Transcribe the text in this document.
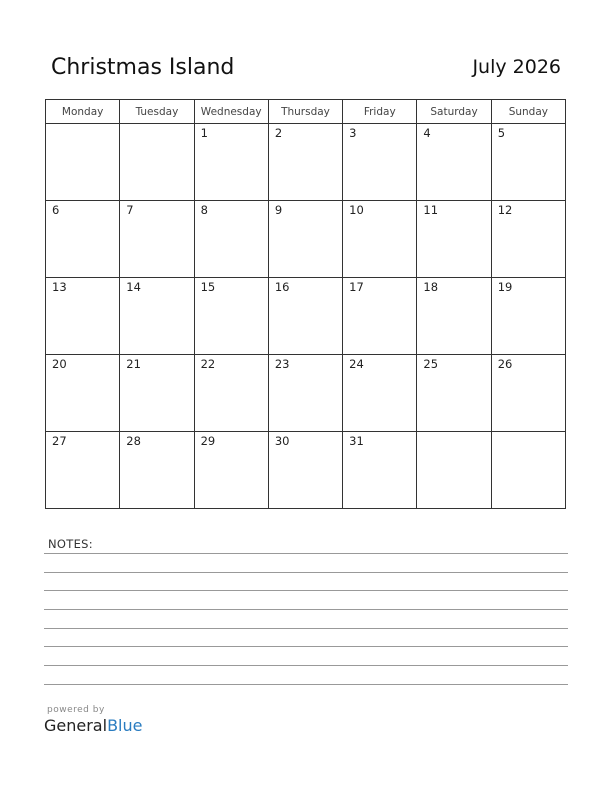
Christmas Island	July 2026
Monday	Tuesday	Wednesday	Thursday	Friday	Saturday	Sunday

		1	2	3	4	5

6	7	8	9	10	11	12

13	14	15	16	17	18	19

20	21	22	23	24	25	26

27	28	29	30	31		

NOTES:
powered by
GeneralBlue
